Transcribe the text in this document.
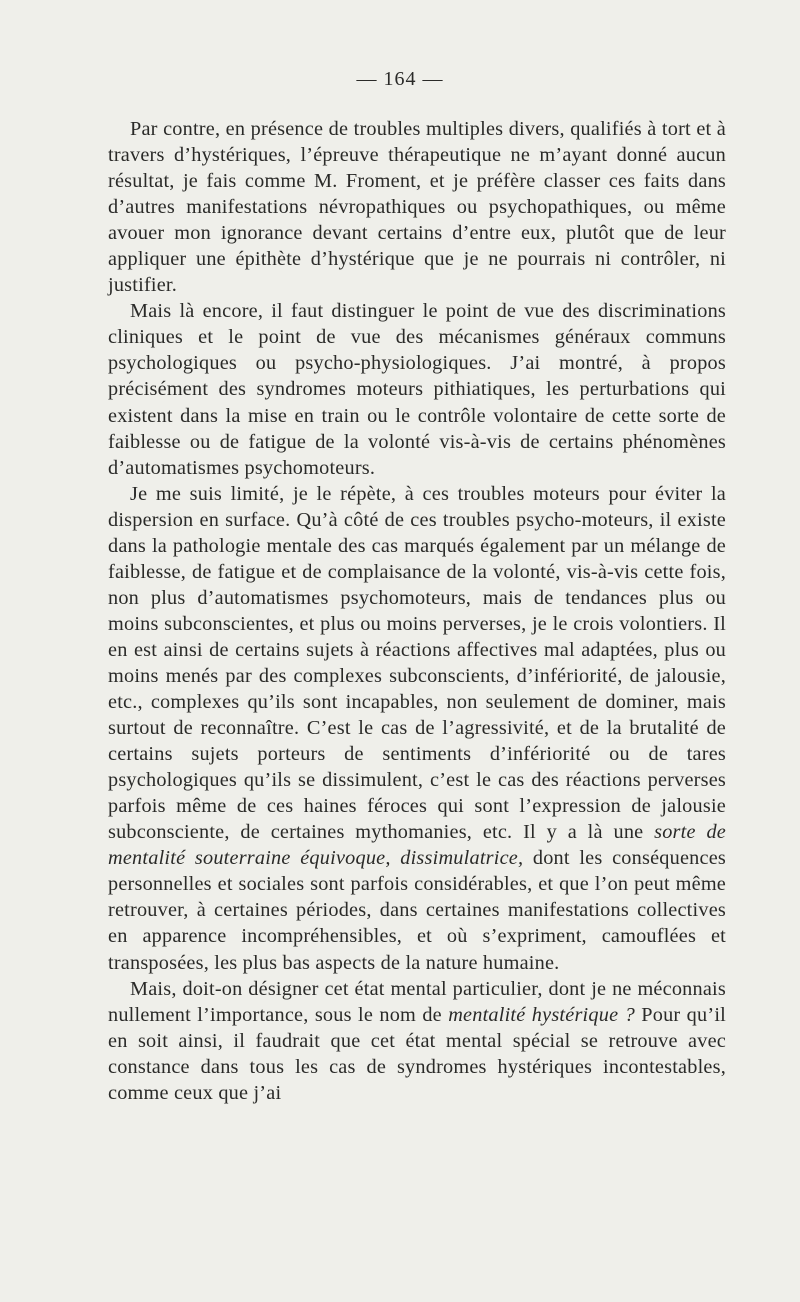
— 164 —

Par contre, en présence de troubles multiples divers, qualifiés à tort et à travers d’hystériques, l’épreuve thérapeutique ne m’ayant donné aucun résultat, je fais comme M. Froment, et je préfère classer ces faits dans d’autres manifestations névropathiques ou psychopathiques, ou même avouer mon ignorance devant certains d’entre eux, plutôt que de leur appliquer une épithète d’hystérique que je ne pourrais ni contrôler, ni justifier.

Mais là encore, il faut distinguer le point de vue des discriminations cliniques et le point de vue des mécanismes généraux communs psychologiques ou psycho-physiologiques. J’ai montré, à propos précisément des syndromes moteurs pithiatiques, les perturbations qui existent dans la mise en train ou le contrôle volontaire de cette sorte de faiblesse ou de fatigue de la volonté vis-à-vis de certains phénomènes d’automatismes psychomoteurs.

Je me suis limité, je le répète, à ces troubles moteurs pour éviter la dispersion en surface. Qu’à côté de ces troubles psycho-moteurs, il existe dans la pathologie mentale des cas marqués également par un mélange de faiblesse, de fatigue et de complaisance de la volonté, vis-à-vis cette fois, non plus d’automatismes psychomoteurs, mais de tendances plus ou moins subconscientes, et plus ou moins perverses, je le crois volontiers. Il en est ainsi de certains sujets à réactions affectives mal adaptées, plus ou moins menés par des complexes subconscients, d’infériorité, de jalousie, etc., complexes qu’ils sont incapables, non seulement de dominer, mais surtout de reconnaître. C’est le cas de l’agressivité, et de la brutalité de certains sujets porteurs de sentiments d’infériorité ou de tares psychologiques qu’ils se dissimulent, c’est le cas des réactions perverses parfois même de ces haines féroces qui sont l’expression de jalousie subconsciente, de certaines mythomanies, etc. Il y a là une sorte de mentalité souterraine équivoque, dissimulatrice, dont les conséquences personnelles et sociales sont parfois considérables, et que l’on peut même retrouver, à certaines périodes, dans certaines manifestations collectives en apparence incompréhensibles, et où s’expriment, camouflées et transposées, les plus bas aspects de la nature humaine.

Mais, doit-on désigner cet état mental particulier, dont je ne méconnais nullement l’importance, sous le nom de mentalité hystérique ? Pour qu’il en soit ainsi, il faudrait que cet état mental spécial se retrouve avec constance dans tous les cas de syndromes hystériques incontestables, comme ceux que j’ai
